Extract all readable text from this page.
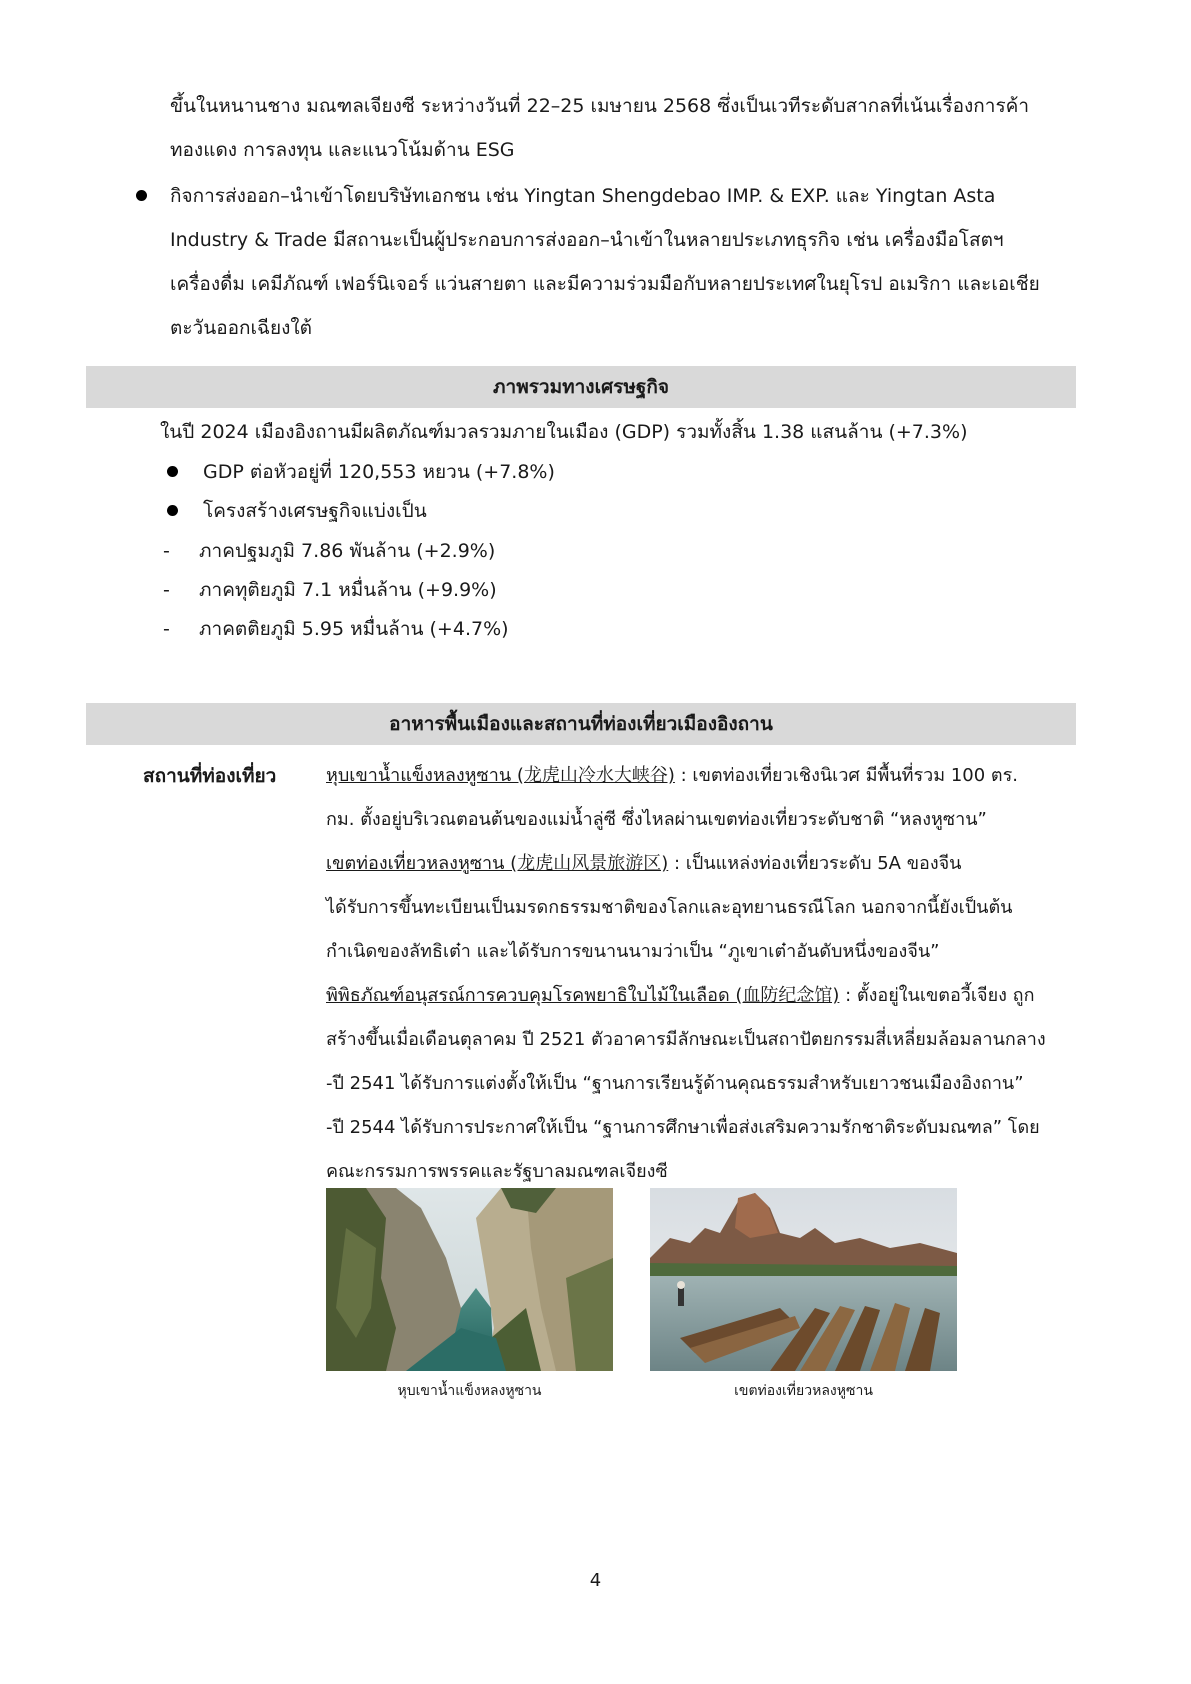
ขึ้นในหนานชาง มณฑลเจียงซี ระหว่างวันที่ 22–25 เมษายน 2568 ซึ่งเป็นเวทีระดับสากลที่เน้นเรื่องการค้า
ทองแดง การลงทุน และแนวโน้มด้าน ESG
กิจการส่งออก–นำเข้าโดยบริษัทเอกชน เช่น Yingtan Shengdebao IMP. & EXP. และ Yingtan Asta
Industry & Trade มีสถานะเป็นผู้ประกอบการส่งออก–นำเข้าในหลายประเภทธุรกิจ เช่น เครื่องมือโสตฯ
เครื่องดื่ม เคมีภัณฑ์ เฟอร์นิเจอร์ แว่นสายตา และมีความร่วมมือกับหลายประเทศในยุโรป อเมริกา และเอเชีย
ตะวันออกเฉียงใต้
ภาพรวมทางเศรษฐกิจ
ในปี 2024 เมืองอิงถานมีผลิตภัณฑ์มวลรวมภายในเมือง (GDP) รวมทั้งสิ้น 1.38 แสนล้าน (+7.3%)
GDP ต่อหัวอยู่ที่ 120,553 หยวน (+7.8%)
โครงสร้างเศรษฐกิจแบ่งเป็น
- ภาคปฐมภูมิ 7.86 พันล้าน (+2.9%)
- ภาคทุติยภูมิ 7.1 หมื่นล้าน (+9.9%)
- ภาคตติยภูมิ 5.95 หมื่นล้าน (+4.7%)
อาหารพื้นเมืองและสถานที่ท่องเที่ยวเมืองอิงถาน
สถานที่ท่องเที่ยว	หุบเขาน้ำแข็งหลงหูซาน (龙虎山冷水大峡谷) : เขตท่องเที่ยวเชิงนิเวศ มีพื้นที่รวม 100 ตร.
กม. ตั้งอยู่บริเวณตอนต้นของแม่น้ำลู่ซี ซึ่งไหลผ่านเขตท่องเที่ยวระดับชาติ “หลงหูซาน”
เขตท่องเที่ยวหลงหูซาน (龙虎山风景旅游区) : เป็นแหล่งท่องเที่ยวระดับ 5A ของจีน
ได้รับการขึ้นทะเบียนเป็นมรดกธรรมชาติของโลกและอุทยานธรณีโลก นอกจากนี้ยังเป็นต้น
กำเนิดของลัทธิเต๋า และได้รับการขนานนามว่าเป็น “ภูเขาเต๋าอันดับหนึ่งของจีน”
พิพิธภัณฑ์อนุสรณ์การควบคุมโรคพยาธิใบไม้ในเลือด (血防纪念馆) : ตั้งอยู่ในเขตอวี้เจียง ถูก
สร้างขึ้นเมื่อเดือนตุลาคม ปี 2521 ตัวอาคารมีลักษณะเป็นสถาปัตยกรรมสี่เหลี่ยมล้อมลานกลาง
-ปี 2541 ได้รับการแต่งตั้งให้เป็น “ฐานการเรียนรู้ด้านคุณธรรมสำหรับเยาวชนเมืองอิงถาน”
-ปี 2544 ได้รับการประกาศให้เป็น “ฐานการศึกษาเพื่อส่งเสริมความรักชาติระดับมณฑล” โดย
คณะกรรมการพรรคและรัฐบาลมณฑลเจียงซี
หุบเขาน้ำแข็งหลงหูซาน	เขตท่องเที่ยวหลงหูซาน
4
